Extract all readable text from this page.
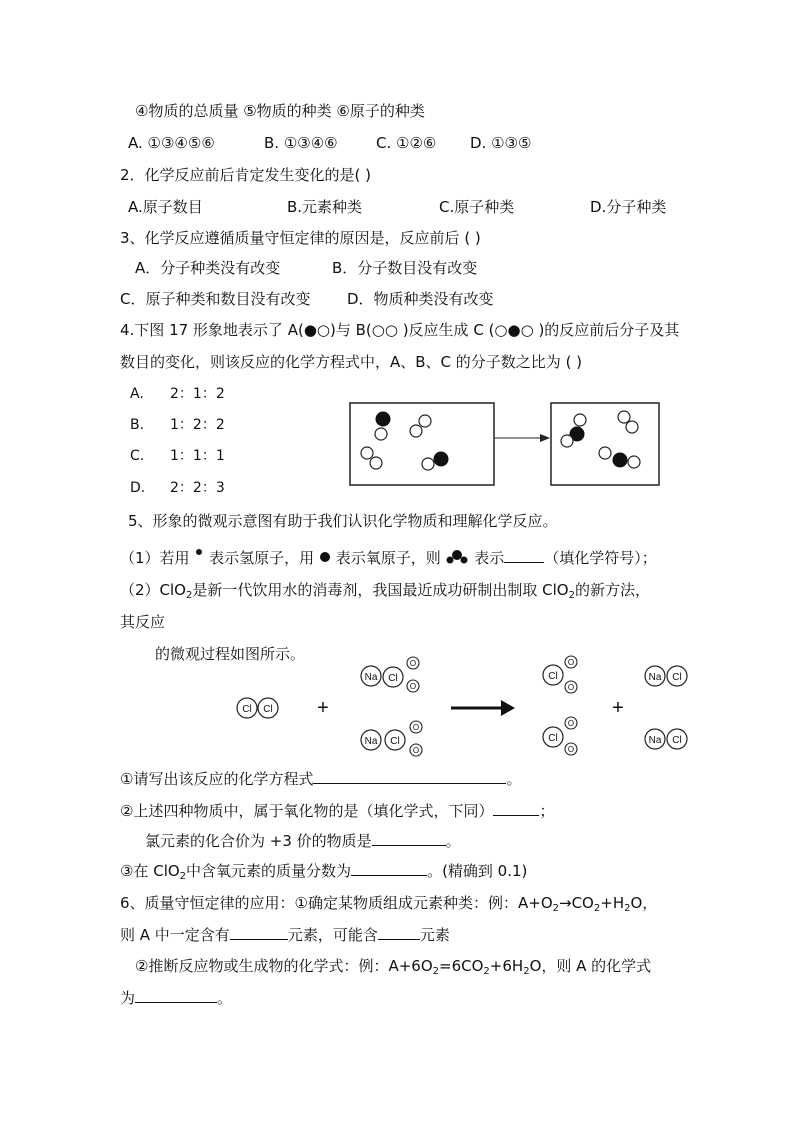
④物质的总质量 ⑤物质的种类 ⑥原子的种类
A. ①③④⑤⑥	B. ①③④⑥	C. ①②⑥ D. ①③⑤
2．化学反应前后肯定发生变化的是( )
A.原子数目	B.元素种类	C.原子种类	D.分子种类
3、化学反应遵循质量守恒定律的原因是，反应前后 ( )
A．分子种类没有改变	B．分子数目没有改变
C．原子种类和数目没有改变 D．物质种类没有改变
4.下图 17 形象地表示了 A(●○)与 B(○○ )反应生成 C (○●○ )的反应前后分子及其
数目的变化，则该反应的化学方程式中，A、B、C 的分子数之比为 ( )
A. 2：1：2
B. 1：2：2
C. 1：1：1
D. 2：2：3
5、形象的微观示意图有助于我们认识化学物质和理解化学反应。
（1）若用 表示氢原子，用 表示氧原子，则 表示	（填化学符号）；
（2）ClO$_2$是新一代饮用水的消毒剂，我国最近成功研制出制取 ClO$_2$的新方法，
其反应
的微观过程如图所示。
Cl Cl +
Na Cl
O
O
Na Cl
O
O
Cl
O
O
Cl
O
O
+
Na Cl
Na Cl
①请写出该反应的化学方程式	。
②上述四种物质中，属于氧化物的是（填化学式，下同）	；
氯元素的化合价为 +3 价的物质是	。
③在 ClO$_2$中含氧元素的质量分数为	。(精确到 0.1)
6、质量守恒定律的应用：①确定某物质组成元素种类：例：$A+O_2\to CO_2+H_2O$，
则 A 中一定含有	元素，可能含	元素
②推断反应物或生成物的化学式：例：$A+6O_2=6CO_2+6H_2O$，则 A 的化学式
为	。
